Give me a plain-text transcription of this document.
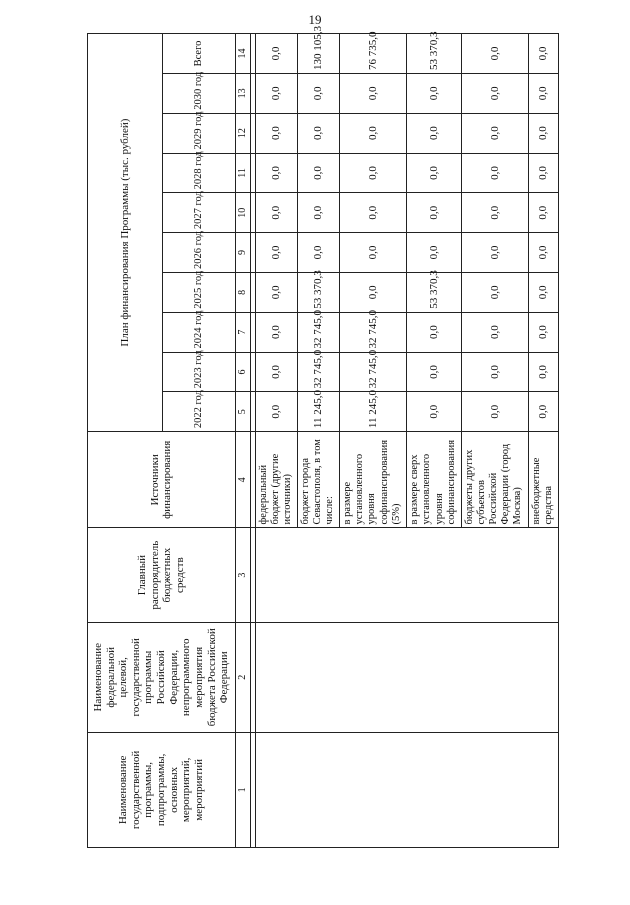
19
Наименование государственной программы, подпрограммы, основных мероприятий, мероприятий	Наименование федеральной целевой, государственной программы Российской Федерации, непрограммного мероприятия бюджета Российской Федерации	Главный распорядитель бюджетных средств	Источники финансирования	План финансирования Программы (тыс. рублей)									
				2022 год	2023 год	2024 год	2025 год	2026 год	2027 год	2028 год	2029 год	2030 год	Всего
1	2	3	4	5	6	7	8	9	10	11	12	13	14

			федеральный бюджет (другие источники)	0,0	0,0	0,0	0,0	0,0	0,0	0,0	0,0	0,0	0,0
			бюджет города Севастополя, в том числе:	11 245,0	32 745,0	32 745,0	53 370,3	0,0	0,0	0,0	0,0	0,0	130 105,3
			в размере установленного уровня софинансирования (5%)	11 245,0	32 745,0	32 745,0	0,0	0,0	0,0	0,0	0,0	0,0	76 735,0
			в размере сверх установленного уровня софинансирования	0,0	0,0	0,0	53 370,3	0,0	0,0	0,0	0,0	0,0	53 370,3
			бюджеты других субъектов Российской Федерации (город Москва)	0,0	0,0	0,0	0,0	0,0	0,0	0,0	0,0	0,0	0,0
			внебюджетные средства	0,0	0,0	0,0	0,0	0,0	0,0	0,0	0,0	0,0	0,0
